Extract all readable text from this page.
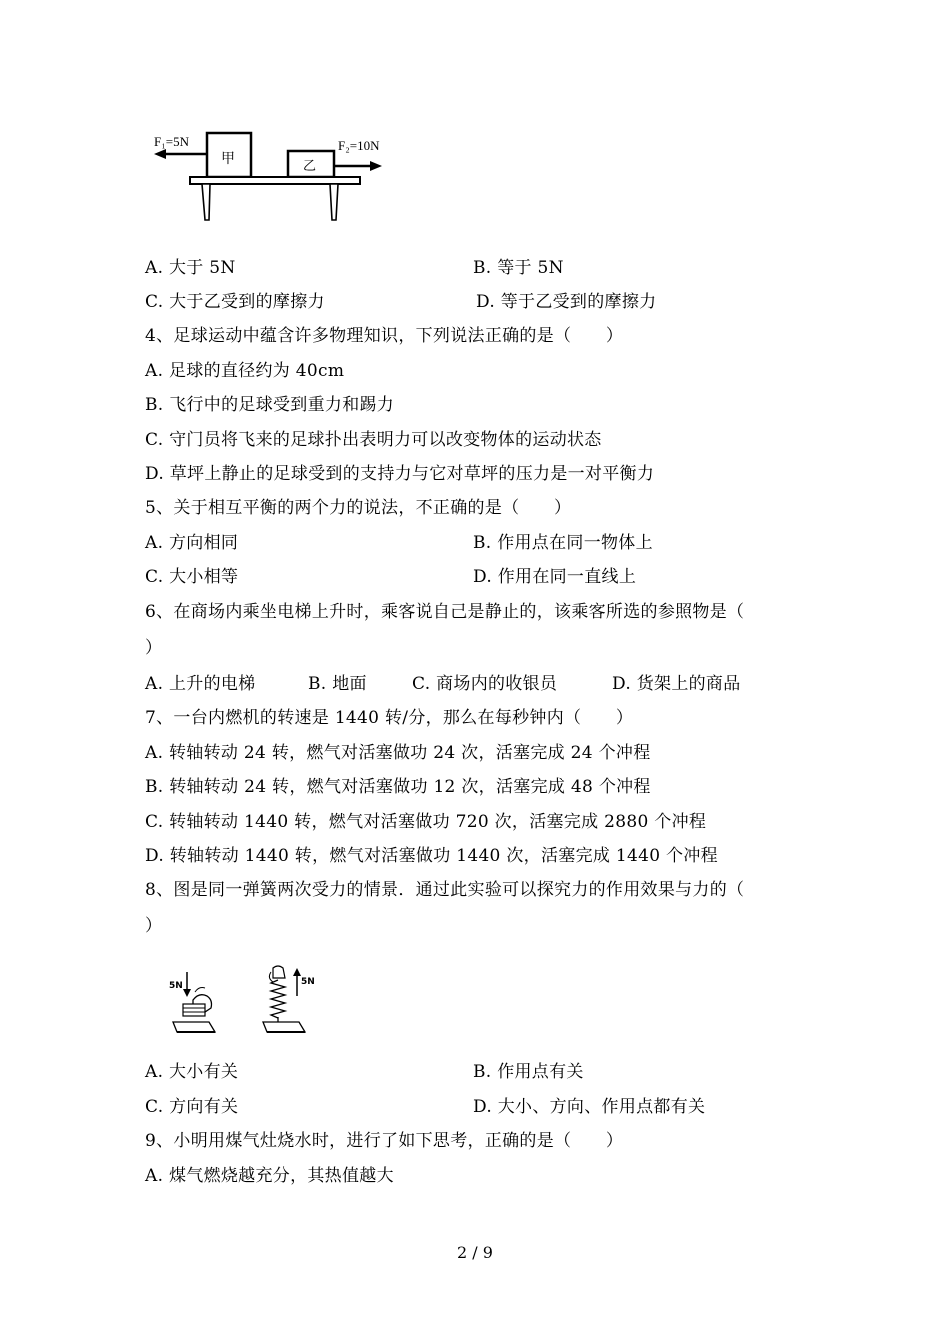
F₁=5N
甲	乙
F₂=10N
A. 大于 5N	B. 等于 5N
C. 大于乙受到的摩擦力	D. 等于乙受到的摩擦力
4、足球运动中蕴含许多物理知识，下列说法正确的是（　　）
A. 足球的直径约为 40cm
B. 飞行中的足球受到重力和踢力
C. 守门员将飞来的足球扑出表明力可以改变物体的运动状态
D. 草坪上静止的足球受到的支持力与它对草坪的压力是一对平衡力
5、关于相互平衡的两个力的说法，不正确的是（　　）
A. 方向相同	B. 作用点在同一物体上
C. 大小相等	D. 作用在同一直线上
6、在商场内乘坐电梯上升时，乘客说自己是静止的，该乘客所选的参照物是（
）
A. 上升的电梯	B. 地面	C. 商场内的收银员	D. 货架上的商品
7、一台内燃机的转速是 1440 转/分，那么在每秒钟内（　　）
A. 转轴转动 24 转，燃气对活塞做功 24 次，活塞完成 24 个冲程
B. 转轴转动 24 转，燃气对活塞做功 12 次，活塞完成 48 个冲程
C. 转轴转动 1440 转，燃气对活塞做功 720 次，活塞完成 2880 个冲程
D. 转轴转动 1440 转，燃气对活塞做功 1440 次，活塞完成 1440 个冲程
8、图是同一弹簧两次受力的情景．通过此实验可以探究力的作用效果与力的（
）
5N	5N
A. 大小有关	B. 作用点有关
C. 方向有关	D. 大小、方向、作用点都有关
9、小明用煤气灶烧水时，进行了如下思考，正确的是（　　）
A. 煤气燃烧越充分，其热值越大
2 / 9
